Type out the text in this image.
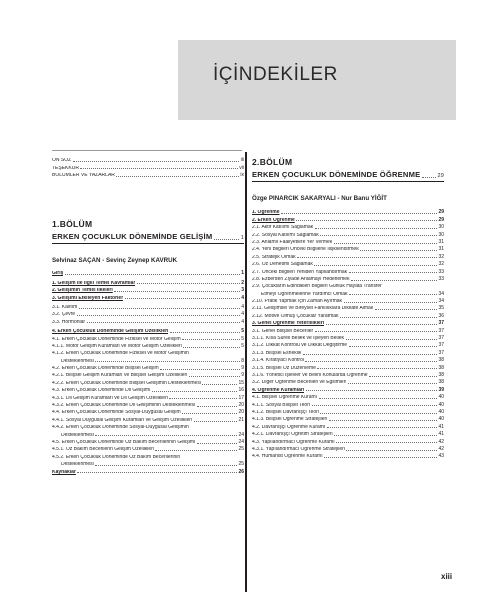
İÇİNDEKİLER
ÖN SÖZ	iii
TEŞEKKÜR	vii
BÖLÜMLER VE YAZARLAR	ix
1.BÖLÜM
ERKEN ÇOCUKLUK DÖNEMİNDE GELİŞİM	1
Selvinaz SAÇAN - Sevinç Zeynep KAVRUK
Giriş	1
1. Gelişim İle İlgili Temel Kavramlar	2
2. Gelişimin Temel İlkeleri	3
3. Gelişimi Etkileyen Faktörler	4
3.1. Kalıtım	4
3.2. Çevre	4
3.3. Hormonlar	4
4. Erken Çocukluk Döneminde Gelişim Özellikleri	5
4.1. Erken Çocukluk Döneminde Fiziksel ve Motor Gelişim	5
4.1.1. Motor Gelişim Kuramları ve Motor Gelişim Özellikleri	5
4.1.2. Erken Çocukluk Döneminde Fiziksel ve Motor Gelişimin
Desteklenmesi	8
4.2. Erken Çocukluk Döneminde Bilişsel Gelişim	9
4.2.1. Bilişsel Gelişim Kuramları ve Bilişsel Gelişim Özellikleri	9
4.2.2. Erken Çocukluk Döneminde Bilişsel Gelişimin Desteklenmesi	15
4.3. Erken Çocukluk Döneminde Dil Gelişimi	16
4.3.1. Dil Gelişim Kuramları ve Dil Gelişim Özellikleri	17
4.3.2. Erken Çocukluk Döneminde Dil Gelişiminin Desteklenmesi	20
4.4. Erken Çocukluk Döneminde Sosyal-Duygusal Gelişim	20
4.4.1. Sosyal Duygusal Gelişim Kuramları ve Gelişim Özellikleri	21
4.4.2. Erken Çocukluk Döneminde Sosyal-Duygusal Gelişimin
Desteklenmesi	24
4.5. Erken Çocukluk Döneminde Öz Bakım Becerilerinin Gelişimi	24
4.5.1. Öz Bakım Becerilerin Gelişim Özellikleri	25
4.5.2. Erken Çocukluk Döneminde Öz Bakım Becerilerinin
Desteklenmesi	25
Kaynaklar	26
2.BÖLÜM
ERKEN ÇOCUKLUK DÖNEMİNDE ÖĞRENME	29
Özge PINARCIK SAKARYALI - Nur Banu YİĞİT
1. Öğrenme	29
2. Erken Öğrenme	29
2.1. Aktif Katılımı Sağlamak	30
2.2. Sosyal Katılımı Sağlamak	30
2.3. Anlamlı Faaliyetlere Yer Vermek	31
2.4. Yeni Bilgileri Önceki Bilgilerle İlişkilendirmek	31
2.5. Stratejik Olmak	32
2.6. Öz Denetimi Sağlamak	32
2.7. Önceki Bilgileri Yeniden Yapılandırmak	33
2.8. Ezberden Ziyade Anlamayı Hedeflemek	33
2.9. Çocukların Edindikleri Bilgileri Günlük Hayata Transfer
Etmeyi Öğrenmelerine Yardımcı Olmak	34
2.10. Pratik Yapmak İçin Zaman Ayırmak	34
2.11. Gelişimsel ve Bireysel Farklılıklara Dikkate Almak	35
2.12. Motive Olmuş Çocuklar Yaratmak	36
3. Genel Öğrenme Yeterlilikleri	37
3.1. Genel Bilişsel Beceriler	37
3.1.1. Kısa Süreli Bellek ve İşleyen Bellek	37
3.1.2. Dikkat Kontrolü ve Dikkat Değiştirme	37
3.1.3. Bilişsel Esneklik	37
3.1.4. Kıratiyacı Kontrol	38
3.1.5. Bilişsel Öz Düzenleme	38
3.1.6. Yönetici İşlevler ve Belirli Konularda Öğrenme	38
3.2. Diğer Öğrenme Becerileri ve Eğilimleri	38
4. Öğrenme Kuramları	39
4.1. Bilişsel Öğrenme Kuramı	40
4.1.1. Sosyal Bilişsel Teori	40
4.1.2. Bilişsel Davranışçı Teori	40
4.1.3. Bilişsel Öğrenme Stratejileri	40
4.2. Davranışçı Öğrenme Kuramı	41
4.2.1. Davranışçı Öğretim Stratejileri	41
4.3. Yapılandırmacı Öğrenme Kuramı	42
4.3.1. Yapılandırmacı Öğrenme Stratejileri	42
4.4. Hümanist Öğrenme Kuramı	43
xiii
